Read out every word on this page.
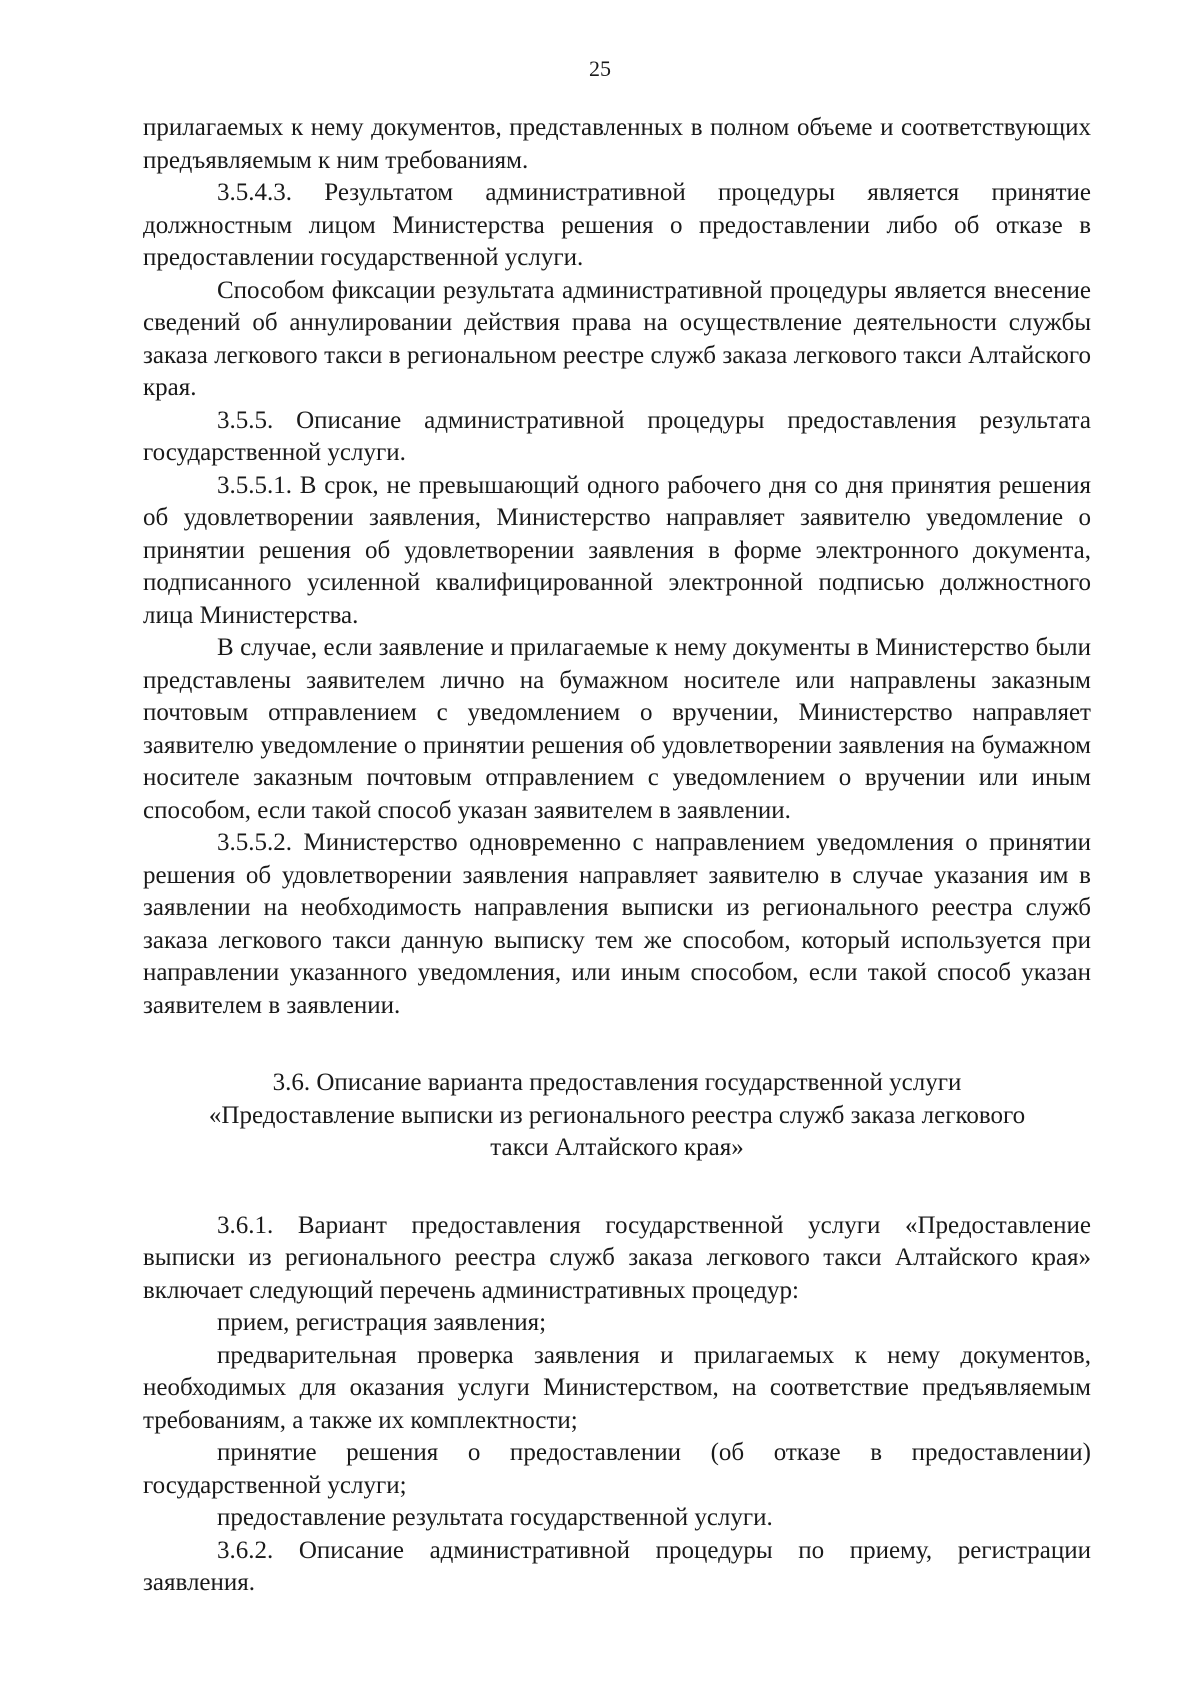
25

прилагаемых к нему документов, представленных в полном объеме и соответствующих предъявляемым к ним требованиям.

3.5.4.3. Результатом административной процедуры является принятие должностным лицом Министерства решения о предоставлении либо об отказе в предоставлении государственной услуги.

Способом фиксации результата административной процедуры является внесение сведений об аннулировании действия права на осуществление деятельности службы заказа легкового такси в региональном реестре служб заказа легкового такси Алтайского края.

3.5.5. Описание административной процедуры предоставления результата государственной услуги.

3.5.5.1. В срок, не превышающий одного рабочего дня со дня принятия решения об удовлетворении заявления, Министерство направляет заявителю уведомление о принятии решения об удовлетворении заявления в форме электронного документа, подписанного усиленной квалифицированной электронной подписью должностного лица Министерства.

В случае, если заявление и прилагаемые к нему документы в Министерство были представлены заявителем лично на бумажном носителе или направлены заказным почтовым отправлением с уведомлением о вручении, Министерство направляет заявителю уведомление о принятии решения об удовлетворении заявления на бумажном носителе заказным почтовым отправлением с уведомлением о вручении или иным способом, если такой способ указан заявителем в заявлении.

3.5.5.2. Министерство одновременно с направлением уведомления о принятии решения об удовлетворении заявления направляет заявителю в случае указания им в заявлении на необходимость направления выписки из регионального реестра служб заказа легкового такси данную выписку тем же способом, который используется при направлении указанного уведомления, или иным способом, если такой способ указан заявителем в заявлении.

3.6. Описание варианта предоставления государственной услуги
«Предоставление выписки из регионального реестра служб заказа легкового
такси Алтайского края»

3.6.1. Вариант предоставления государственной услуги «Предоставление выписки из регионального реестра служб заказа легкового такси Алтайского края» включает следующий перечень административных процедур:

прием, регистрация заявления;

предварительная проверка заявления и прилагаемых к нему документов, необходимых для оказания услуги Министерством, на соответствие предъявляемым требованиям, а также их комплектности;

принятие решения о предоставлении (об отказе в предоставлении) государственной услуги;

предоставление результата государственной услуги.

3.6.2. Описание административной процедуры по приему, регистрации заявления.
